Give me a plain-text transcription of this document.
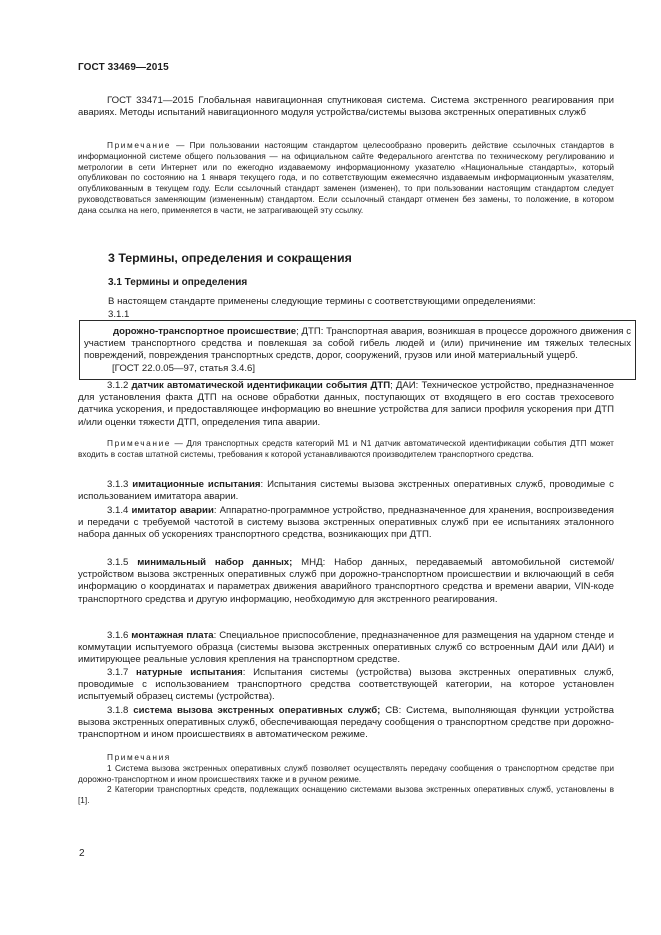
ГОСТ 33469—2015
ГОСТ 33471—2015 Глобальная навигационная спутниковая система. Система экстренного реагирования при авариях. Методы испытаний навигационного модуля устройства/системы вызова экстренных оперативных служб
Примечание — При пользовании настоящим стандартом целесообразно проверить действие ссылочных стандартов в информационной системе общего пользования — на официальном сайте Федерального агентства по техническому регулированию и метрологии в сети Интернет или по ежегодно издаваемому информационному указателю «Национальные стандарты», который опубликован по состоянию на 1 января текущего года, и по сответствующим ежемесячно издаваемым информационным указателям, опубликованным в текущем году. Если ссылочный стандарт заменен (изменен), то при пользовании настоящим стандартом следует руководствоваться заменяющим (измененным) стандартом. Если ссылочный стандарт отменен без замены, то положение, в котором дана ссылка на него, применяется в части, не затрагивающей эту ссылку.
3 Термины, определения и сокращения
3.1 Термины и определения
В настоящем стандарте применены следующие термины с соответствующими определениями:
3.1.1

дорожно-транспортное происшествие; ДТП: Транспортная авария, возникшая в процессе дорожного движения с участием транспортного средства и повлекшая за собой гибель людей и (или) причинение им тяжелых телесных повреждений, повреждения транспортных средств, дорог, сооружений, грузов или иной материальный ущерб.

[ГОСТ 22.0.05—97, статья 3.4.6]

3.1.2 датчик автоматической идентификации события ДТП; ДАИ: Техническое устройство, предназначенное для установления факта ДТП на основе обработки данных, поступающих от входящего в его состав трехосевого датчика ускорения, и предоставляющее информацию во внешние устройства для записи профиля ускорения при ДТП и/или оценки тяжести ДТП, определения типа аварии.
Примечание — Для транспортных средств категорий M1 и N1 датчик автоматической идентификации события ДТП может входить в состав штатной системы, требования к которой устанавливаются производителем транспортного средства.
3.1.3 имитационные испытания: Испытания системы вызова экстренных оперативных служб, проводимые с использованием имитатора аварии.
3.1.4 имитатор аварии: Аппаратно-программное устройство, предназначенное для хранения, воспроизведения и передачи с требуемой частотой в систему вызова экстренных оперативных служб при ее испытаниях эталонного набора данных об ускорениях транспортного средства, возникающих при ДТП.
3.1.5 минимальный набор данных; МНД: Набор данных, передаваемый автомобильной системой/устройством вызова экстренных оперативных служб при дорожно-транспортном происшествии и включающий в себя информацию о координатах и параметрах движения аварийного транспортного средства и времени аварии, VIN-коде транспортного средства и другую информацию, необходимую для экстренного реагирования.
3.1.6 монтажная плата: Специальное приспособление, предназначенное для размещения на ударном стенде и коммутации испытуемого образца (системы вызова экстренных оперативных служб со встроенным ДАИ или ДАИ) и имитирующее реальные условия крепления на транспортном средстве.
3.1.7 натурные испытания: Испытания системы (устройства) вызова экстренных оперативных служб, проводимые с использованием транспортного средства соответствующей категории, на которое установлен испытуемый образец системы (устройства).
3.1.8 система вызова экстренных оперативных служб; СВ: Система, выполняющая функции устройства вызова экстренных оперативных служб, обеспечивающая передачу сообщения о транспортном средстве при дорожно-транспортном и ином происшествиях в автоматическом режиме.

Примечания

1 Система вызова экстренных оперативных служб позволяет осуществлять передачу сообщения о транспортном средстве при дорожно-транспортном и ином происшествиях также и в ручном режиме.

2 Категории транспортных средств, подлежащих оснащению системами вызова экстренных оперативных служб, установлены в [1].

2
